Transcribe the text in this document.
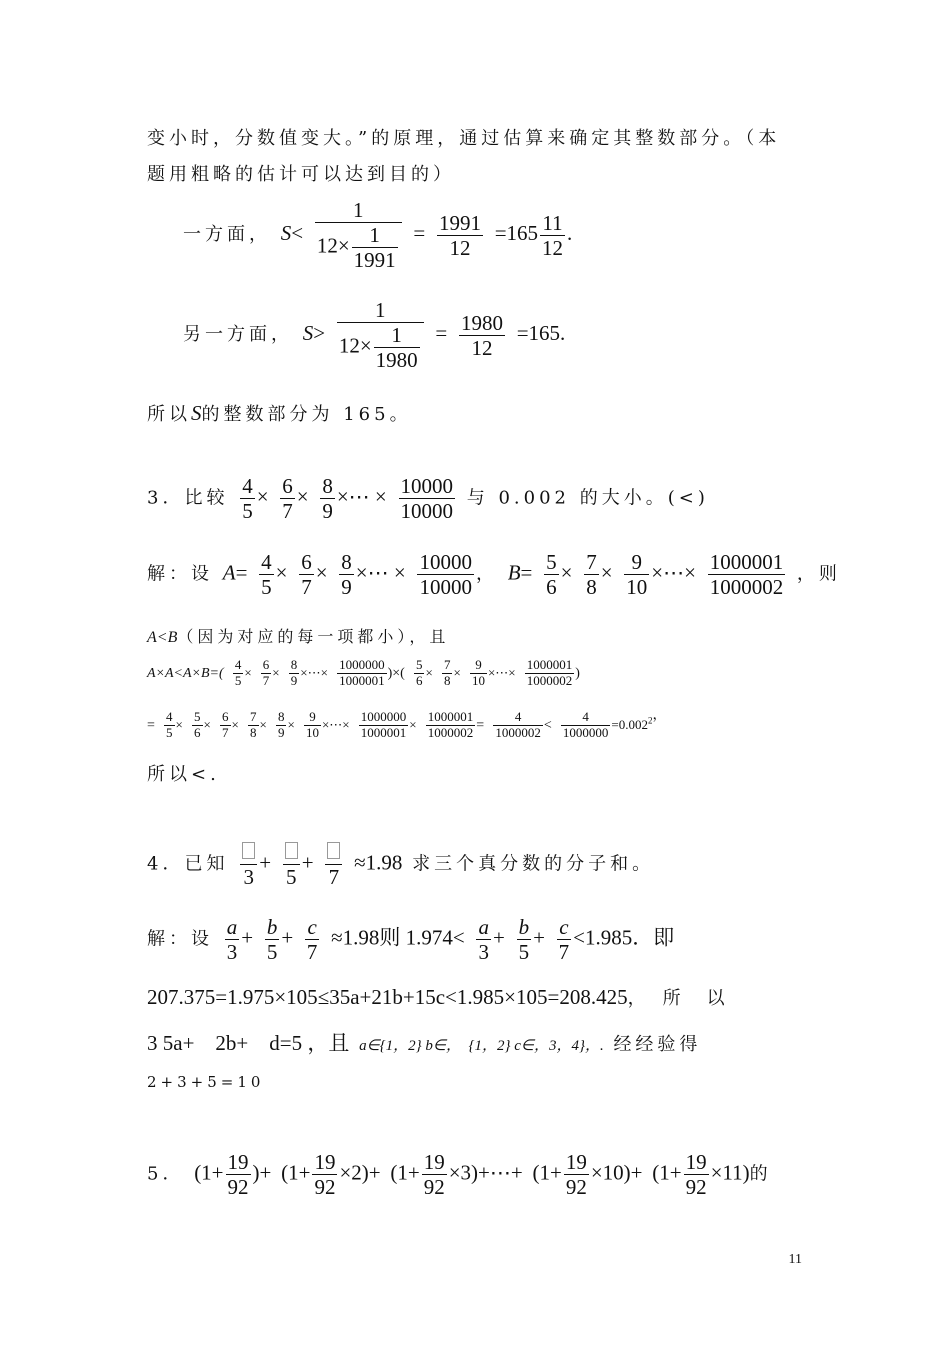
变小时，分数值变大。”的原理，通过估算来确定其整数部分。（本
题用粗略的估计可以达到目的）
一方面， $S< \frac{1}{12\times \frac{1}{1991}} = \frac{1991}{12} =165 \frac{11}{12}$ .
另一方面， $S> \frac{1}{12\times \frac{1}{1980}} = \frac{1980}{12} =165$.
所以S的整数部分为 165。
3．比较 $\frac{4}{5} \times \frac{6}{7} \times \frac{8}{9}$ ×⋯ × $\frac{10000}{10000}$ 与 0.002 的大小。(<)
解：设 $A= \frac{4}{5} \times \frac{6}{7} \times \frac{8}{9}$ ×⋯ × $\frac{10000}{10000}$ ， $B= \frac{5}{6} \times \frac{7}{8} \times \frac{9}{10}$ ×⋯× $\frac{1000001}{1000002}$ ，则
A<B（因为对应的每一项都小），且
$A\times A<A\times B=( \frac{4}{5} \times \frac{6}{7} \times \frac{8}{9}$ ×⋯× $\frac{1000000}{1000001}$ )×( $\frac{5}{6} \times \frac{7}{8} \times \frac{9}{10}$ ×⋯× $\frac{1000001}{1000002}$ )
= $\frac{4}{5} \times \frac{5}{6} \times \frac{6}{7} \times \frac{7}{8} \times \frac{8}{9} \times \frac{9}{10}$ ×⋯× $\frac{1000000}{1000001} \times \frac{1000001}{1000002} = \frac{4}{1000002} < \frac{4}{1000000} =0.002^2$，
所以<.
4．已知
3
+
5
+
7
≈1.98 求三个真分数的分子和。
解：设 $\frac{a}{3} + \frac{b}{5} + \frac{c}{7} \approx 1.98$则 $1.974< \frac{a}{3} + \frac{b}{5} + \frac{c}{7} <1.985$．即
207.375=1.975×105≤35a+21b+15c<1.985×105=208.425，　所　以
3 5a+　2b+　d=5 ，且 a∈{1，2} b∈，　{1，2} c∈，3，4}，. 经经验得
2+3+5=10
5． ($1+ \frac{19}{92}$ )+ $(1+ \frac{19}{92} \times 2)+ (1+ \frac{19}{92}$ ×3)+⋯+ $(1+ \frac{19}{92} \times 10)+ (1+ \frac{19}{92} \times 11)$的
11
